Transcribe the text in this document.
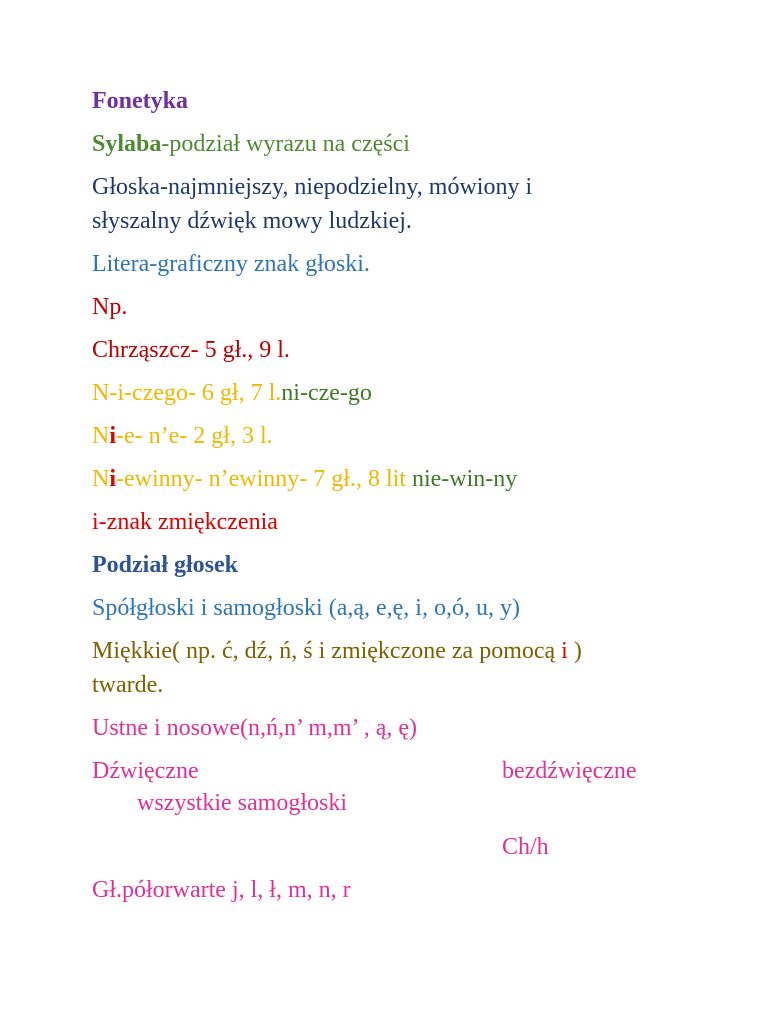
Fonetyka
Sylaba-podział wyrazu na części
Głoska-najmniejszy, niepodzielny, mówiony i
słyszalny dźwięk mowy ludzkiej.
Litera-graficzny znak głoski.
Np.
Chrząszcz- 5 gł., 9 l.
N-i-czego- 6 gł, 7 l.ni-cze-go
Ni-e- n’e- 2 gł, 3 l.
Ni-ewinny- n’ewinny- 7 gł., 8 lit nie-win-ny
i-znak zmiękczenia
Podział głosek
Spółgłoski i samogłoski (a,ą, e,ę, i, o,ó, u, y)
Miękkie( np. ć, dź, ń, ś i zmiękczone za pomocą i )
twarde.
Ustne i nosowe(n,ń,n’ m,m’ , ą, ę)
Dźwięczne	bezdźwięczne
wszystkie samogłoski
Ch/h
Gł.półorwarte j, l, ł, m, n, r
